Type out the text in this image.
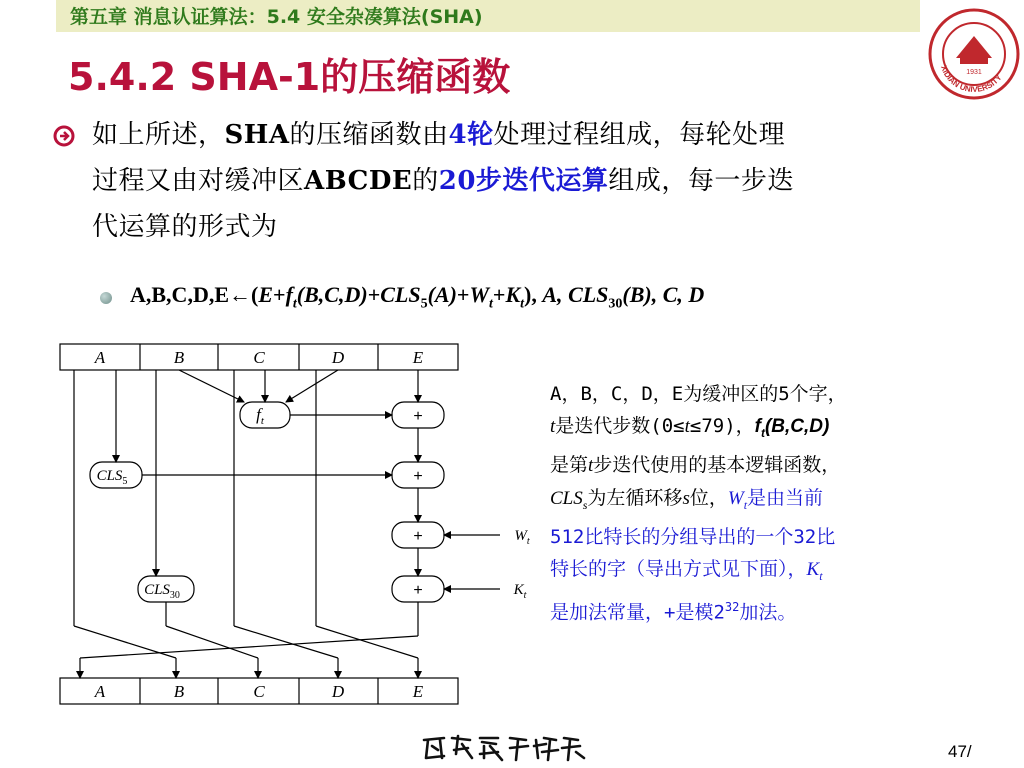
第五章 消息认证算法：5.4 安全杂凑算法(SHA)
XIDIAN UNIVERSITY
1931
5.4.2 SHA-1的压缩函数
如上所述，SHA的压缩函数由4轮处理过程组成，每轮处理
过程又由对缓冲区ABCDE的20步迭代运算组成，每一步迭
代运算的形式为
$A,B,C,D,E\leftarrow(E+f_t(B,C,D)+CLS_5(A)+W_t+K_t)$, A, $CLS_{30}(B)$, C, D
A	B	C	D	E
A	B	C	D	E
$f_t$
$CLS_5$
$CLS_{30}$
$W_t$
$K_t$
+
+
+
+
A，B，C，D，E为缓冲区的5个字，
t是迭代步数(0≤t≤79)，$f_t(B,C,D)$
是第t步迭代使用的基本逻辑函数，
$CLS_s$为左循环移s位，$W_t$是由当前
512比特长的分组导出的一个32比
特长的字（导出方式见下面），$K_t$
是加法常量，+是模$2^{32}$加法。
47/
